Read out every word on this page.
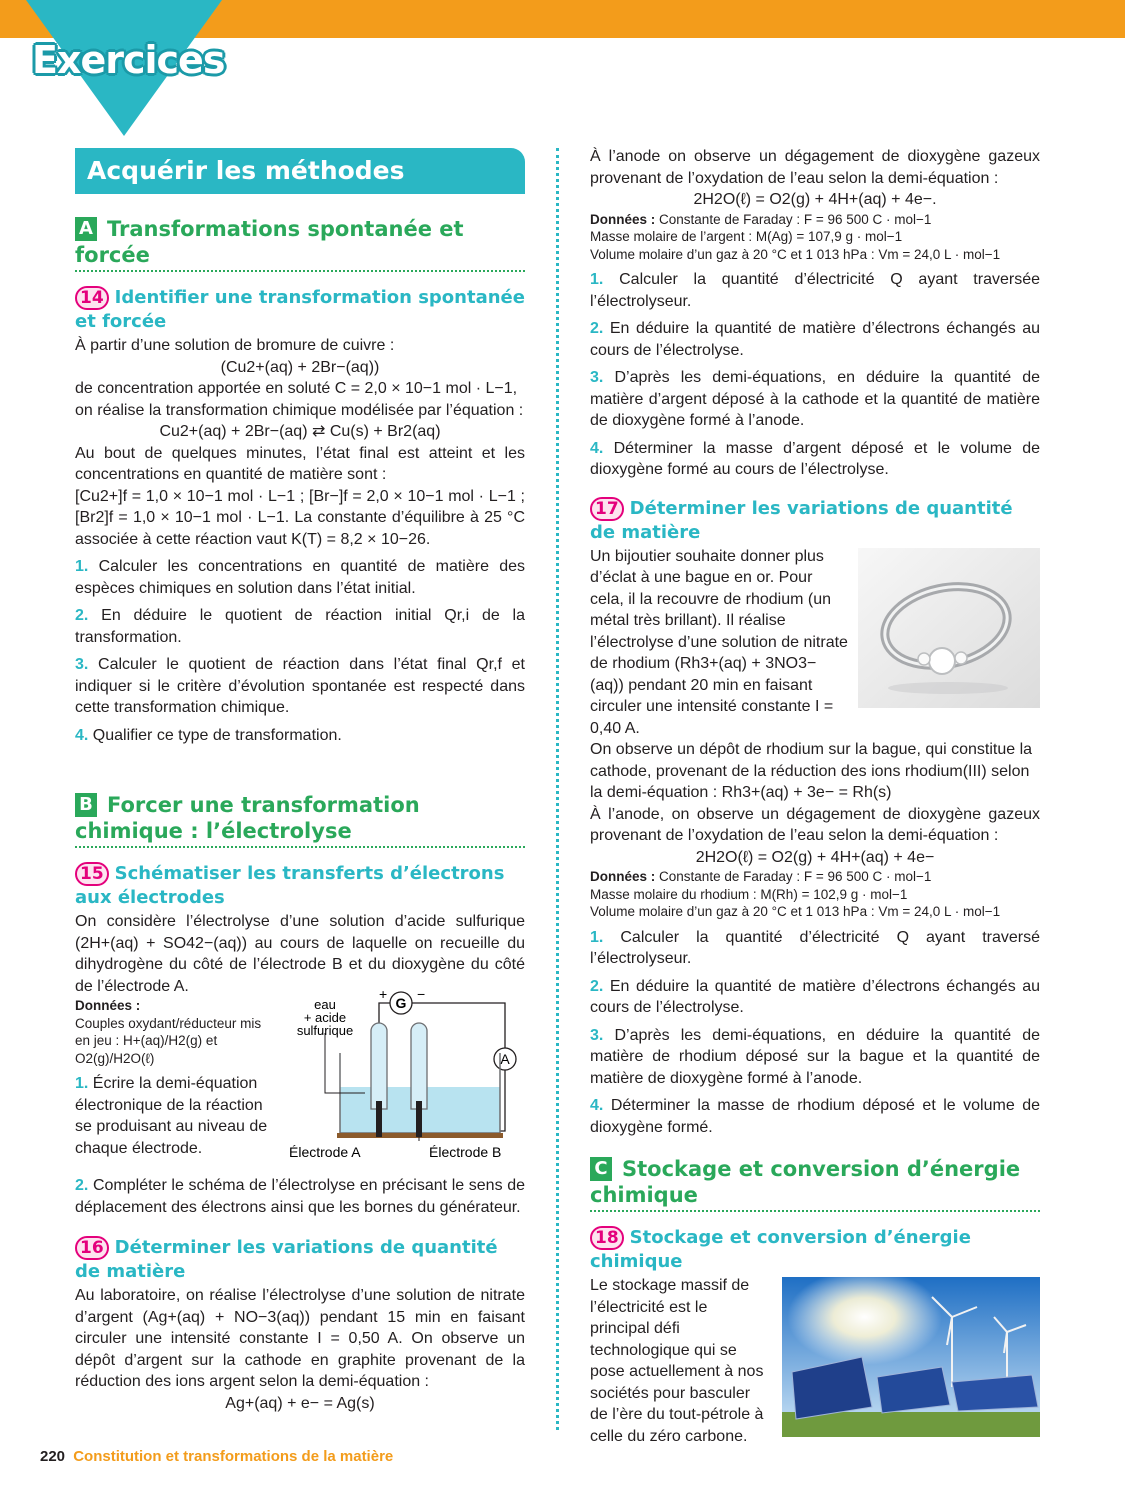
Exercices
Acquérir les méthodes
A Transformations spontanée et forcée
14 Identifier une transformation spontanée et forcée

À partir d’une solution de bromure de cuivre :

(Cu2+(aq) + 2Br−(aq))

de concentration apportée en soluté C = 2,0 × 10−1 mol · L−1,

on réalise la transformation chimique modélisée par l’équation :

Cu2+(aq) + 2Br−(aq) ⇄ Cu(s) + Br2(aq)

Au bout de quelques minutes, l’état final est atteint et les concentrations en quantité de matière sont :

[Cu2+]f = 1,0 × 10−1 mol · L−1 ; [Br−]f = 2,0 × 10−1 mol · L−1 ; [Br2]f = 1,0 × 10−1 mol · L−1. La constante d’équilibre à 25 °C associée à cette réaction vaut K(T) = 8,2 × 10−26.

1. Calculer les concentrations en quantité de matière des espèces chimiques en solution dans l’état initial.

2. En déduire le quotient de réaction initial Qr,i de la transformation.

3. Calculer le quotient de réaction dans l’état final Qr,f et indiquer si le critère d’évolution spontanée est respecté dans cette transformation chimique.

4. Qualifier ce type de transformation.

B Forcer une transformation chimique : l’électrolyse
15 Schématiser les transferts d’électrons aux électrodes

On considère l’électrolyse d’une solution d’acide sulfurique (2H+(aq) + SO42−(aq)) au cours de laquelle on recueille du dihydrogène du côté de l’électrode B et du dioxygène du côté de l’électrode A.

Données :

Couples oxydant/réducteur mis en jeu : H+(aq)/H2(g) et O2(g)/H2O(ℓ)

1. Écrire la demi-équation électronique de la réaction se produisant au niveau de chaque électrode.

G
+ −
A
eau
+ acide
sulfurique
Électrode A	Électrode B

2. Compléter le schéma de l’électrolyse en précisant le sens de déplacement des électrons ainsi que les bornes du générateur.

16 Déterminer les variations de quantité de matière

Au laboratoire, on réalise l’électrolyse d’une solution de nitrate d’argent (Ag+(aq) + NO−3(aq)) pendant 15 min en faisant circuler une intensité constante I = 0,50 A. On observe un dépôt d’argent sur la cathode en graphite provenant de la réduction des ions argent selon la demi-équation :

Ag+(aq) + e− = Ag(s)

À l’anode on observe un dégagement de dioxygène gazeux provenant de l’oxydation de l’eau selon la demi-équation :

2H2O(ℓ) = O2(g) + 4H+(aq) + 4e−.

Données : Constante de Faraday : F = 96 500 C · mol−1

Masse molaire de l’argent : M(Ag) = 107,9 g · mol−1

Volume molaire d’un gaz à 20 °C et 1 013 hPa : Vm = 24,0 L · mol−1

1. Calculer la quantité d’électricité Q ayant traversée l’électrolyseur.

2. En déduire la quantité de matière d’électrons échangés au cours de l’électrolyse.

3. D’après les demi-équations, en déduire la quantité de matière d’argent déposé à la cathode et la quantité de matière de dioxygène formé à l’anode.

4. Déterminer la masse d’argent déposé et le volume de dioxygène formé au cours de l’électrolyse.

17 Déterminer les variations de quantité de matière

Un bijoutier souhaite donner plus d’éclat à une bague en or. Pour cela, il la recouvre de rhodium (un métal très brillant). Il réalise l’électrolyse d’une solution de nitrate de rhodium (Rh3+(aq) + 3NO3−(aq)) pendant 20 min en faisant circuler une intensité constante I = 0,40 A.

On observe un dépôt de rhodium sur la bague, qui constitue la cathode, provenant de la réduction des ions rhodium(III) selon la demi-équation : Rh3+(aq) + 3e− = Rh(s)

À l’anode, on observe un dégagement de dioxygène gazeux provenant de l’oxydation de l’eau selon la demi-équation :

2H2O(ℓ) = O2(g) + 4H+(aq) + 4e−

Données : Constante de Faraday : F = 96 500 C · mol−1

Masse molaire du rhodium : M(Rh) = 102,9 g · mol−1

Volume molaire d’un gaz à 20 °C et 1 013 hPa : Vm = 24,0 L · mol−1

1. Calculer la quantité d’électricité Q ayant traversé l’électrolyseur.

2. En déduire la quantité de matière d’électrons échangés au cours de l’électrolyse.

3. D’après les demi-équations, en déduire la quantité de matière de rhodium déposé sur la bague et la quantité de matière de dioxygène formé à l’anode.

4. Déterminer la masse de rhodium déposé et le volume de dioxygène formé.

C Stockage et conversion d’énergie chimique
18 Stockage et conversion d’énergie chimique

Le stockage massif de l’électricité est le principal défi technologique qui se pose actuellement à nos sociétés pour basculer de l’ère du tout-pétrole à celle du zéro carbone.

220 Constitution et transformations de la matière
